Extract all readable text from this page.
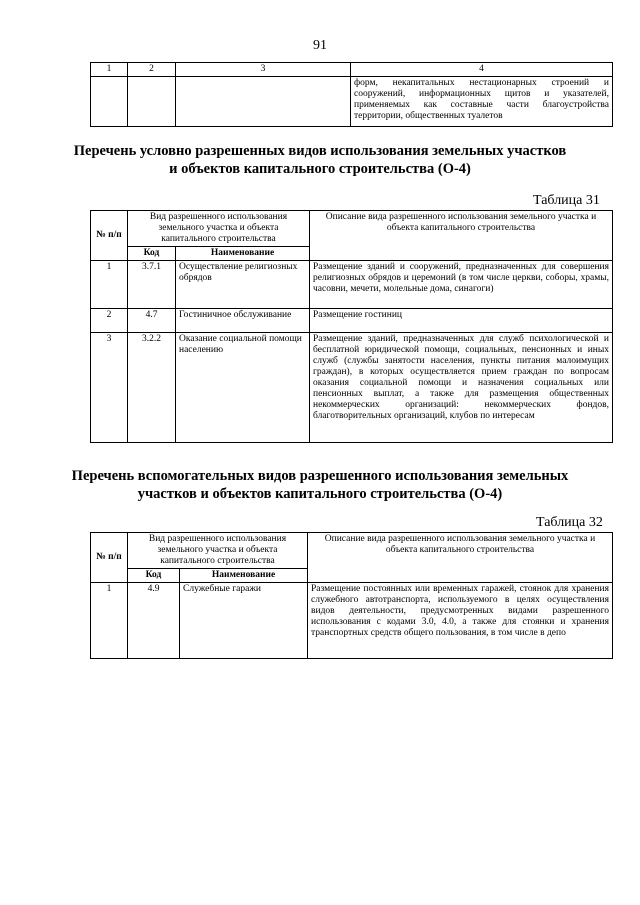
91
1	2	3	4
			форм, некапитальных нестационарных строений и сооружений, информационных щитов и указателей, применяемых как составные части благоустройства территории, общественных туалетов
Перечень условно разрешенных видов использования земельных участков
и объектов капитального строительства (О-4)
Таблица 31
№ п/п	Вид разрешенного использования земельного участка и объекта капитального строительства		Описание вида разрешенного использования земельного участка и объекта капитального строительства
	Код	Наименование	
1	3.7.1	Осуществление религиозных обрядов	Размещение зданий и сооружений, предназначенных для совершения религиозных обрядов и церемоний (в том числе церкви, соборы, храмы, часовни, мечети, молельные дома, синагоги)
2	4.7	Гостиничное обслуживание	Размещение гостиниц
3	3.2.2	Оказание социальной помощи населению	Размещение зданий, предназначенных для служб психологической и бесплатной юридической помощи, социальных, пенсионных и иных служб (службы занятости населения, пункты питания малоимущих граждан), в которых осуществляется прием граждан по вопросам оказания социальной помощи и назначения социальных или пенсионных выплат, а также для размещения общественных некоммерческих организаций: некоммерческих фондов, благотворительных организаций, клубов по интересам
Перечень вспомогательных видов разрешенного использования земельных
участков и объектов капитального строительства (О-4)
Таблица 32
№ п/п	Вид разрешенного использования земельного участка и объекта капитального строительства		Описание вида разрешенного использования земельного участка и объекта капитального строительства
	Код	Наименование	
1	4.9	Служебные гаражи	Размещение постоянных или временных гаражей, стоянок для хранения служебного автотранспорта, используемого в целях осуществления видов деятельности, предусмотренных видами разрешенного использования с кодами 3.0, 4.0, а также для стоянки и хранения транспортных средств общего пользования, в том числе в депо
